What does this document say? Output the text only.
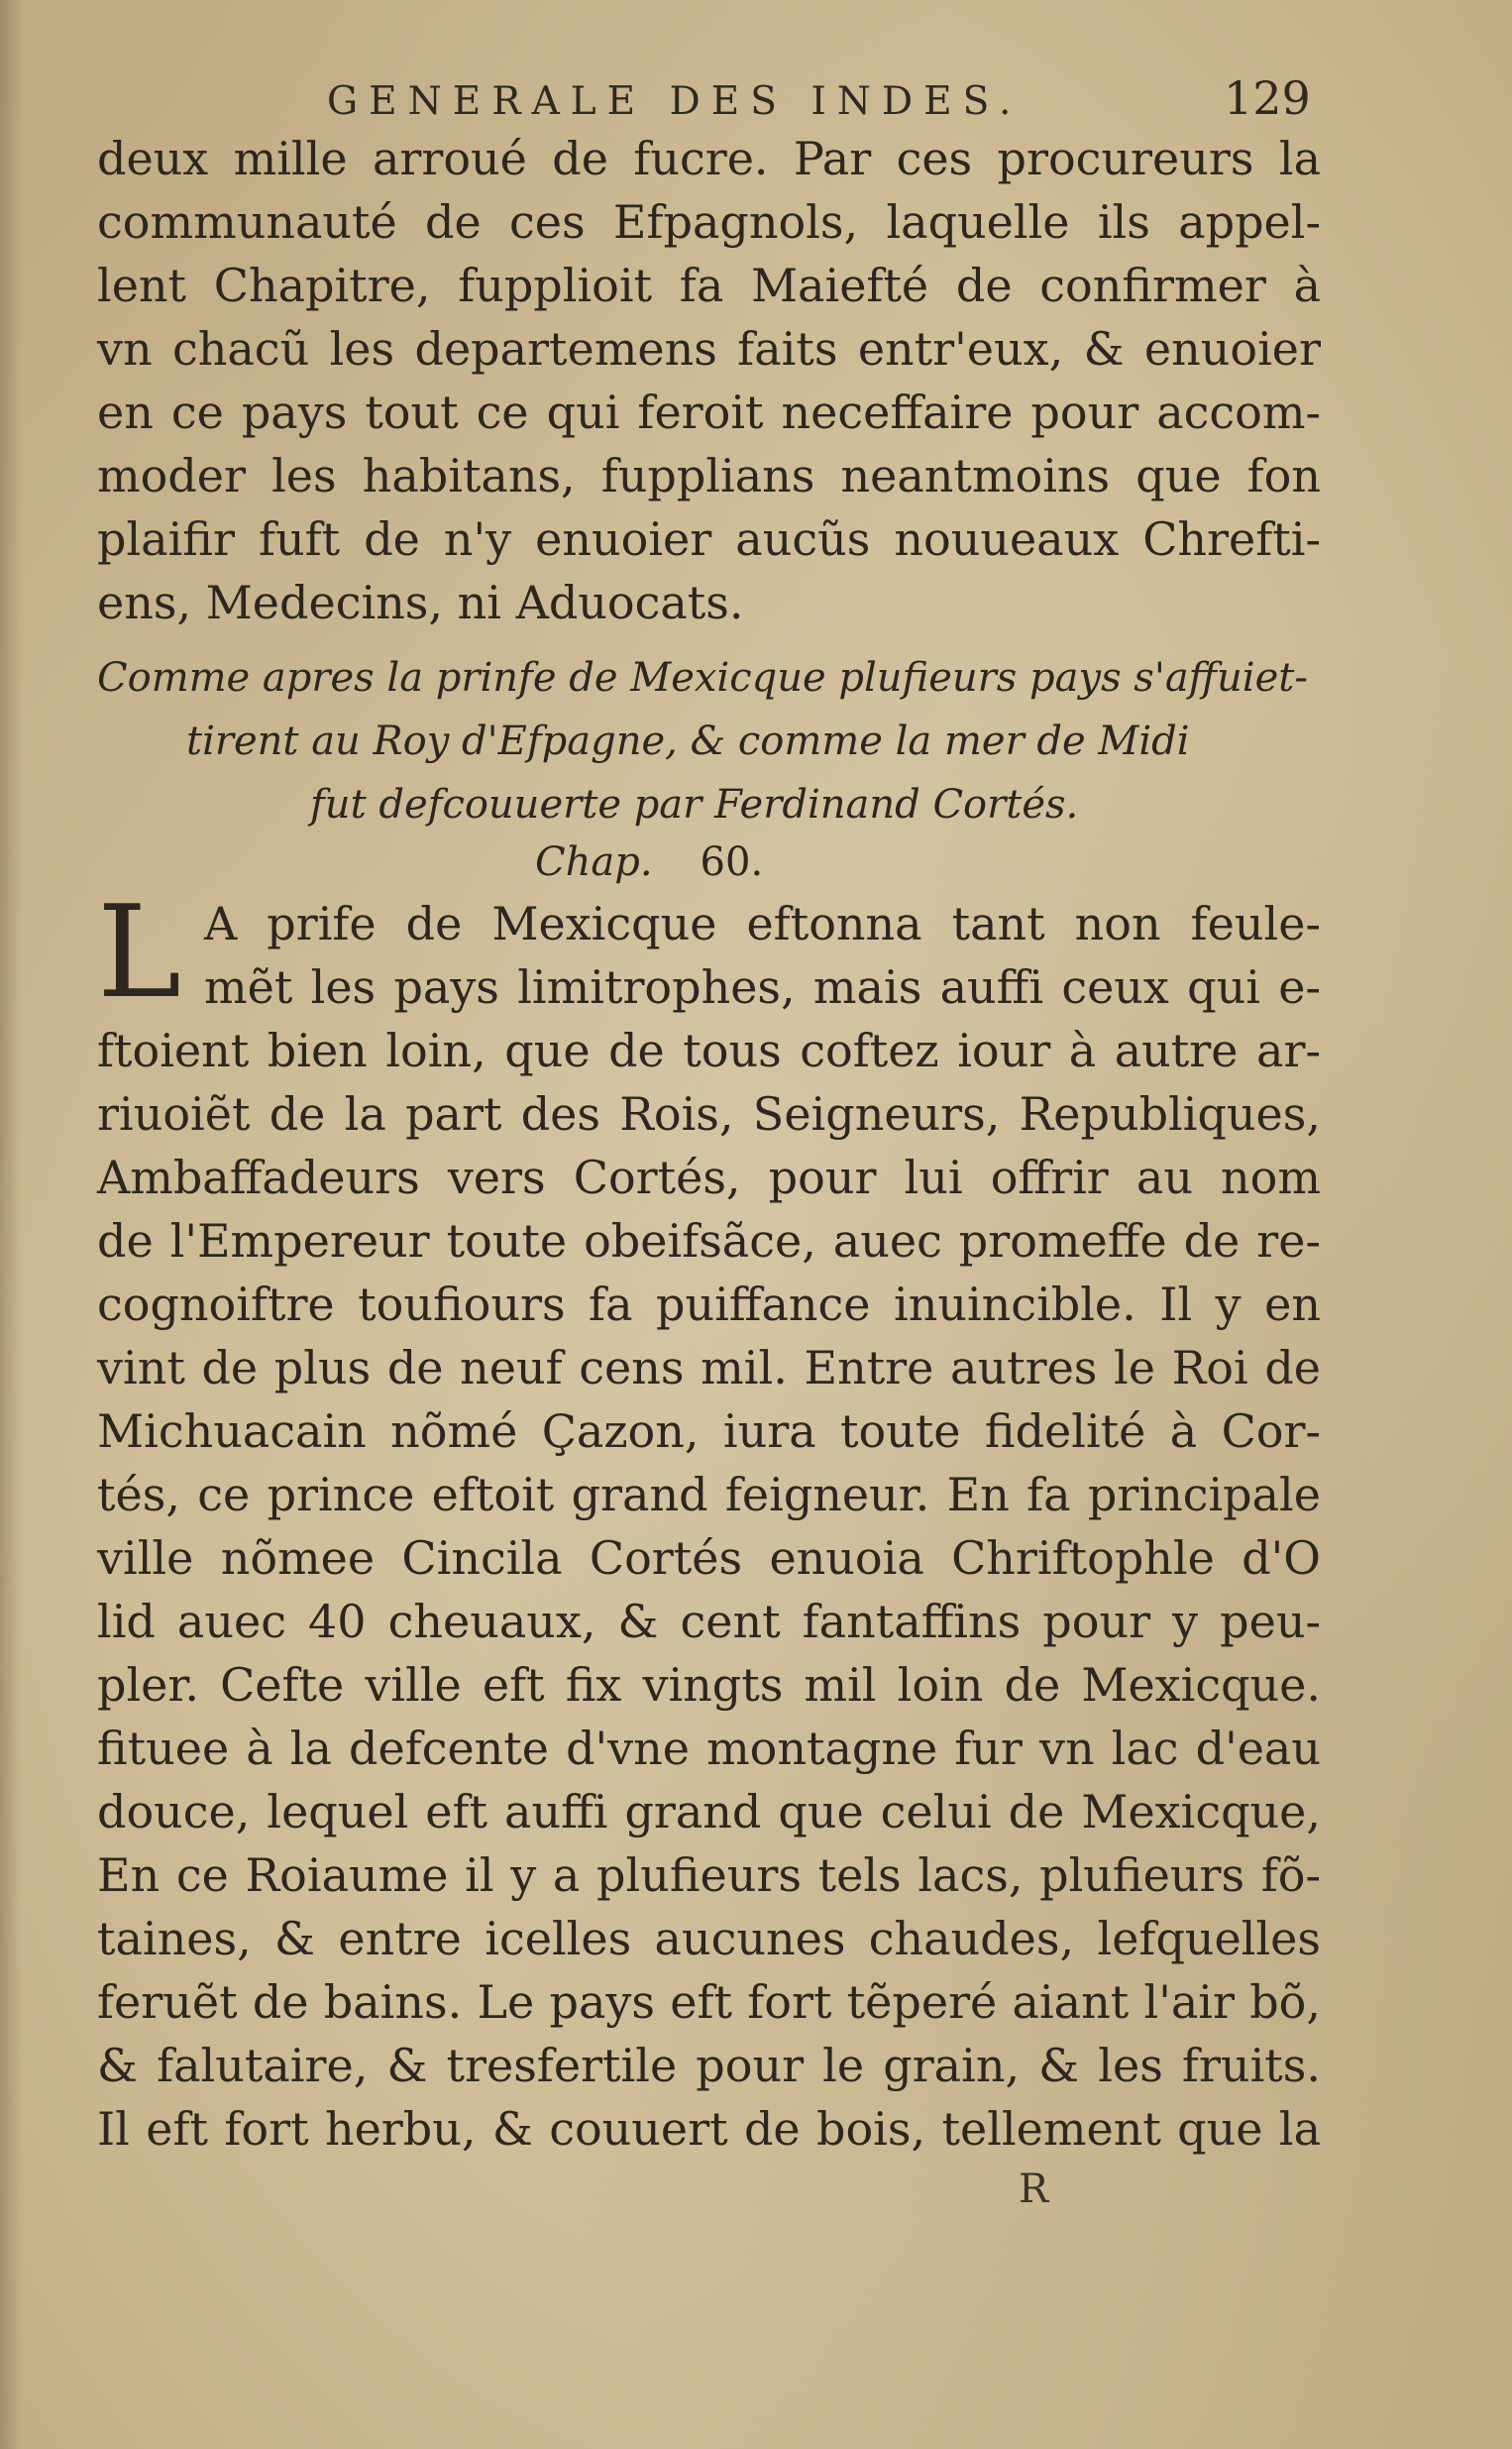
GENERALE DES INDES.	129
deux mille arroué de fucre. Par ces procureurs la
communauté de ces Efpagnols, laquelle ils appel-
lent Chapitre, fupplioit fa Maiefté de confirmer à
vn chacũ les departemens faits entr'eux, & enuoier
en ce pays tout ce qui feroit neceffaire pour accom-
moder les habitans, fupplians neantmoins que fon
plaifir fuft de n'y enuoier aucũs nouueaux Chrefti-
ens, Medecins, ni Aduocats.
Comme apres la prinfe de Mexicque plufieurs pays s'affuiet-
tirent au Roy d'Efpagne, & comme la mer de Midi
fut defcouuerte par Ferdinand Cortés.
Chap. 60.
L A prife de Mexicque eftonna tant non feule-
mẽt les pays limitrophes, mais auffi ceux qui e-
ftoient bien loin, que de tous coftez iour à autre ar-
riuoiẽt de la part des Rois, Seigneurs, Republiques,
Ambaffadeurs vers Cortés, pour lui offrir au nom
de l'Empereur toute obeifsãce, auec promeffe de re-
cognoiftre toufiours fa puiffance inuincible. Il y en
vint de plus de neuf cens mil. Entre autres le Roi de
Michuacain nõmé Çazon, iura toute fidelité à Cor-
tés, ce prince eftoit grand feigneur. En fa principale
ville nõmee Cincila Cortés enuoia Chriftophle d'O
lid auec 40 cheuaux, & cent fantaffins pour y peu-
pler. Cefte ville eft fix vingts mil loin de Mexicque.
fituee à la defcente d'vne montagne fur vn lac d'eau
douce, lequel eft auffi grand que celui de Mexicque,
En ce Roiaume il y a plufieurs tels lacs, plufieurs fõ-
taines, & entre icelles aucunes chaudes, lefquelles
feruẽt de bains. Le pays eft fort tẽperé aiant l'air bõ,
& falutaire, & tresfertile pour le grain, & les fruits.
Il eft fort herbu, & couuert de bois, tellement que la
R
